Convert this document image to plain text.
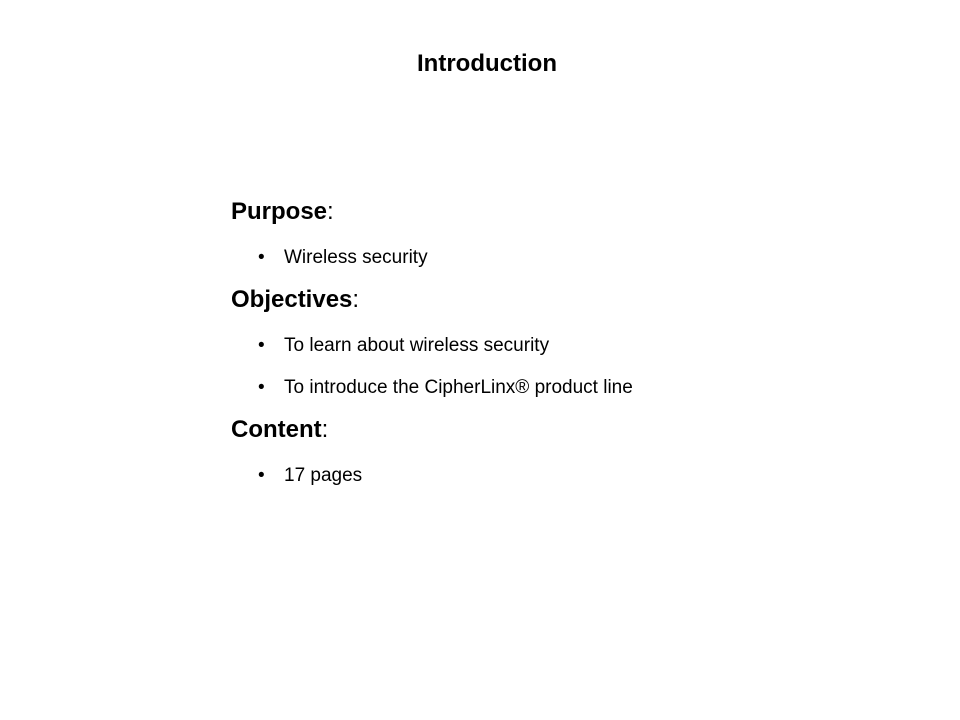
Introduction

Purpose:

• Wireless security

Objectives:

• To learn about wireless security
• To introduce the CipherLinx® product line

Content:

• 17 pages
